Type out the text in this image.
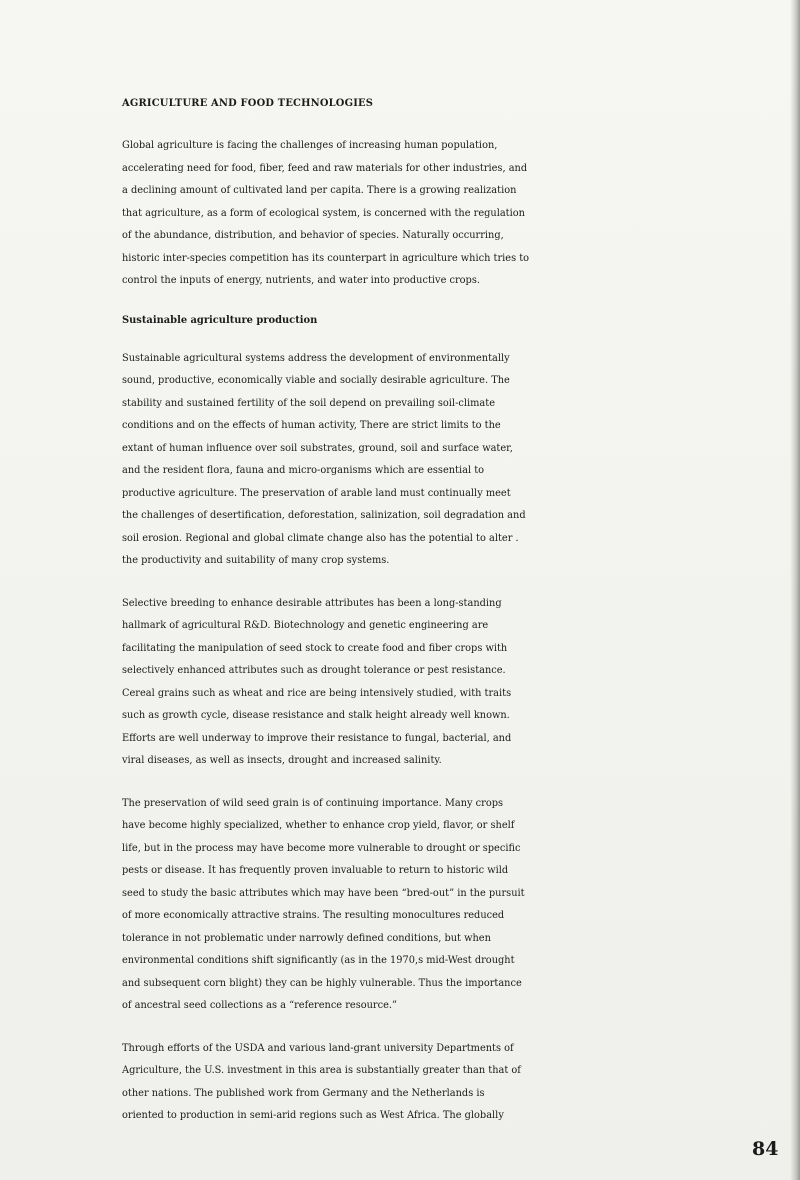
AGRICULTURE AND FOOD TECHNOLOGIES
Global agriculture is facing the challenges of increasing human population,
accelerating need for food, fiber, feed and raw materials for other industries, and
a declining amount of cultivated land per capita. There is a growing realization
that agriculture, as a form of ecological system, is concerned with the regulation
of the abundance, distribution, and behavior of species. Naturally occurring,
historic inter-species competition has its counterpart in agriculture which tries to
control the inputs of energy, nutrients, and water into productive crops.
Sustainable agriculture production
Sustainable agricultural systems address the development of environmentally
sound, productive, economically viable and socially desirable agriculture. The
stability and sustained fertility of the soil depend on prevailing soil-climate
conditions and on the effects of human activity, There are strict limits to the
extant of human influence over soil substrates, ground, soil and surface water,
and the resident flora, fauna and micro-organisms which are essential to
productive agriculture. The preservation of arable land must continually meet
the challenges of desertification, deforestation, salinization, soil degradation and
soil erosion. Regional and global climate change also has the potential to alter .
the productivity and suitability of many crop systems.
Selective breeding to enhance desirable attributes has been a long-standing
hallmark of agricultural R&D. Biotechnology and genetic engineering are
facilitating the manipulation of seed stock to create food and fiber crops with
selectively enhanced attributes such as drought tolerance or pest resistance.
Cereal grains such as wheat and rice are being intensively studied, with traits
such as growth cycle, disease resistance and stalk height already well known.
Efforts are well underway to improve their resistance to fungal, bacterial, and
viral diseases, as well as insects, drought and increased salinity.
The preservation of wild seed grain is of continuing importance. Many crops
have become highly specialized, whether to enhance crop yield, flavor, or shelf
life, but in the process may have become more vulnerable to drought or specific
pests or disease. It has frequently proven invaluable to return to historic wild
seed to study the basic attributes which may have been “bred-out” in the pursuit
of more economically attractive strains. The resulting monocultures reduced
tolerance in not problematic under narrowly defined conditions, but when
environmental conditions shift significantly (as in the 1970,s mid-West drought
and subsequent corn blight) they can be highly vulnerable. Thus the importance
of ancestral seed collections as a “reference resource.”
Through efforts of the USDA and various land-grant university Departments of
Agriculture, the U.S. investment in this area is substantially greater than that of
other nations. The published work from Germany and the Netherlands is
oriented to production in semi-arid regions such as West Africa. The globally
84
